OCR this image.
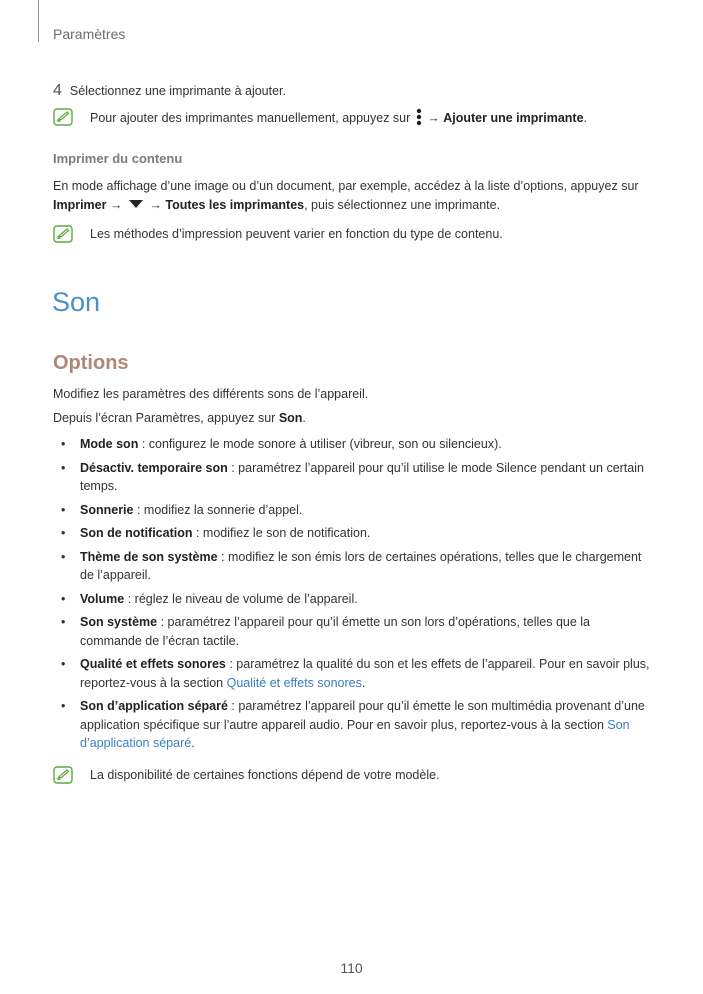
Paramètres
4 Sélectionnez une imprimante à ajouter.
Pour ajouter des imprimantes manuellement, appuyez sur  → Ajouter une imprimante.
Imprimer du contenu
En mode affichage d’une image ou d’un document, par exemple, accédez à la liste d’options, appuyez sur
Imprimer →  → Toutes les imprimantes, puis sélectionnez une imprimante.
Les méthodes d’impression peuvent varier en fonction du type de contenu.
Son
Options
Modifiez les paramètres des différents sons de l’appareil.
Depuis l’écran Paramètres, appuyez sur Son.
• Mode son : configurez le mode sonore à utiliser (vibreur, son ou silencieux).
• Désactiv. temporaire son : paramétrez l’appareil pour qu’il utilise le mode Silence pendant un certain temps.
• Sonnerie : modifiez la sonnerie d’appel.
• Son de notification : modifiez le son de notification.
• Thème de son système : modifiez le son émis lors de certaines opérations, telles que le chargement de l’appareil.
• Volume : réglez le niveau de volume de l’appareil.
• Son système : paramétrez l’appareil pour qu’il émette un son lors d’opérations, telles que la commande de l’écran tactile.
• Qualité et effets sonores : paramétrez la qualité du son et les effets de l’appareil. Pour en savoir plus, reportez-vous à la section Qualité et effets sonores.
• Son d’application séparé : paramétrez l’appareil pour qu’il émette le son multimédia provenant d’une application spécifique sur l’autre appareil audio. Pour en savoir plus, reportez-vous à la section Son d’application séparé.
La disponibilité de certaines fonctions dépend de votre modèle.
110
